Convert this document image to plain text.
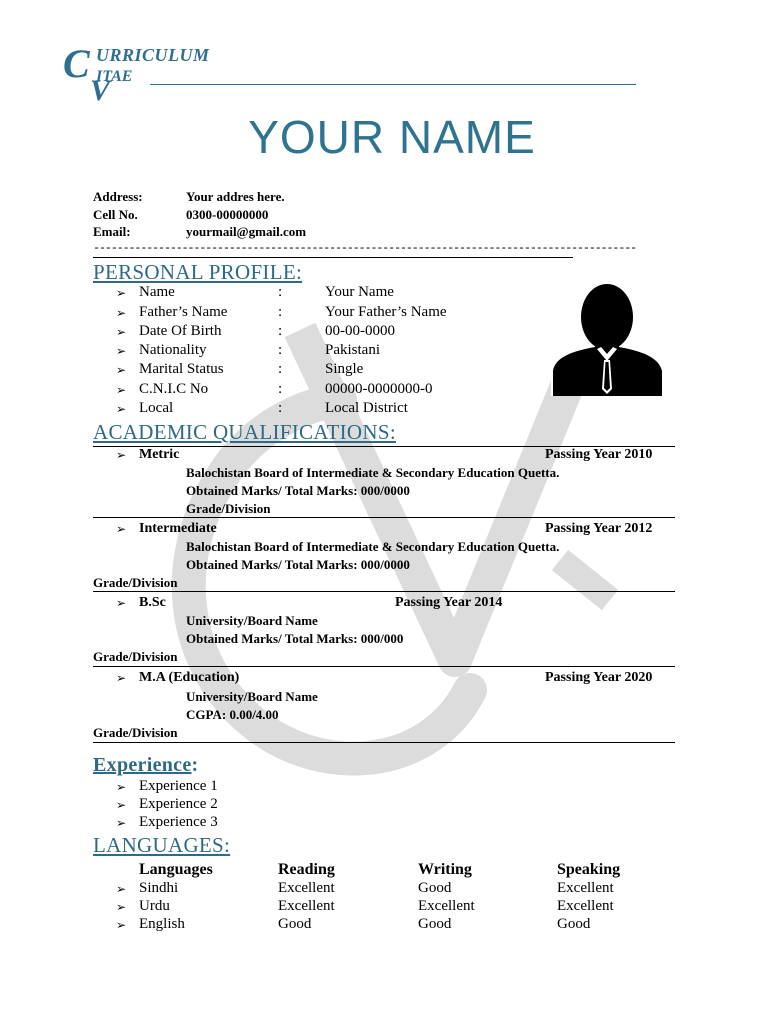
C URRICULUM
ITAE
V
YOUR NAME
Address:	Your addres here.
Cell No.	0300-00000000
Email:	yourmail@gmail.com
--------------------------------------------------------------------------------------------
PERSONAL PROFILE:
➢ Name	:	Your Name
➢ Father’s Name	:	Your Father’s Name
➢ Date Of Birth	:	00-00-0000
➢ Nationality	:	Pakistani
➢ Marital Status	:	Single
➢ C.N.I.C No	:	00000-0000000-0
➢ Local	:	Local District
ACADEMIC QUALIFICATIONS:
➢ Metric	Passing Year 2010
Balochistan Board of Intermediate & Secondary Education Quetta.
Obtained Marks/ Total Marks: 000/0000
Grade/Division
➢ Intermediate	Passing Year 2012
Balochistan Board of Intermediate & Secondary Education Quetta.
Obtained Marks/ Total Marks: 000/0000
Grade/Division
➢ B.Sc	Passing Year 2014
University/Board Name
Obtained Marks/ Total Marks: 000/000
Grade/Division
➢ M.A (Education)	Passing Year 2020
University/Board Name
CGPA: 0.00/4.00
Grade/Division
Experience:
➢ Experience 1
➢ Experience 2
➢ Experience 3
LANGUAGES:
Languages	Reading	Writing	Speaking
➢ Sindhi	Excellent	Good	Excellent
➢ Urdu	Excellent	Excellent	Excellent
➢ English	Good	Good	Good
